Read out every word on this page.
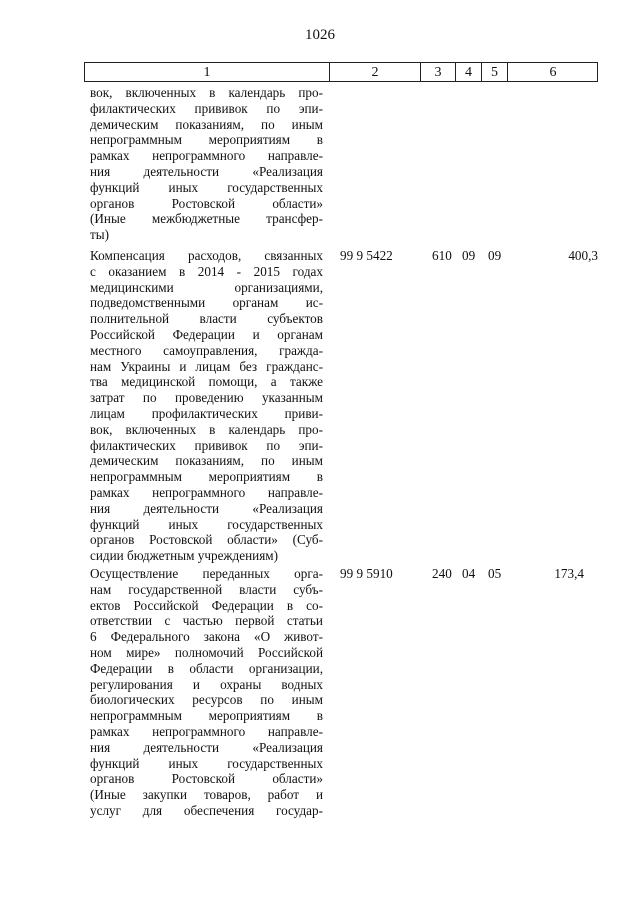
1026
1	2	3	4	5	6
вок, включенных в календарь про-
филактических прививок по эпи-
демическим показаниям, по иным
непрограммным мероприятиям в
рамках непрограммного направле-
ния деятельности «Реализация
функций иных государственных
органов Ростовской области»
(Иные межбюджетные трансфер-
ты)
Компенсация расходов, связанных
с оказанием в 2014 - 2015 годах
медицинскими организациями,
подведомственными органам ис-
полнительной власти субъектов
Российской Федерации и органам
местного самоуправления, гражда-
нам Украины и лицам без гражданс-
тва медицинской помощи, а также
затрат по проведению указанным
лицам профилактических приви-
вок, включенных в календарь про-
филактических прививок по эпи-
демическим показаниям, по иным
непрограммным мероприятиям в
рамках непрограммного направле-
ния деятельности «Реализация
функций иных государственных
органов Ростовской области» (Суб-
сидии бюджетным учреждениям)
99 9 5422	610 09 09	400,3
Осуществление переданных орга-
нам государственной власти субъ-
ектов Российской Федерации в со-
ответствии с частью первой статьи
6 Федерального закона «О живот-
ном мире» полномочий Российской
Федерации в области организации,
регулирования и охраны водных
биологических ресурсов по иным
непрограммным мероприятиям в
рамках непрограммного направле-
ния деятельности «Реализация
функций иных государственных
органов Ростовской области»
(Иные закупки товаров, работ и
услуг для обеспечения государ-
99 9 5910	240 04 05	173,4
